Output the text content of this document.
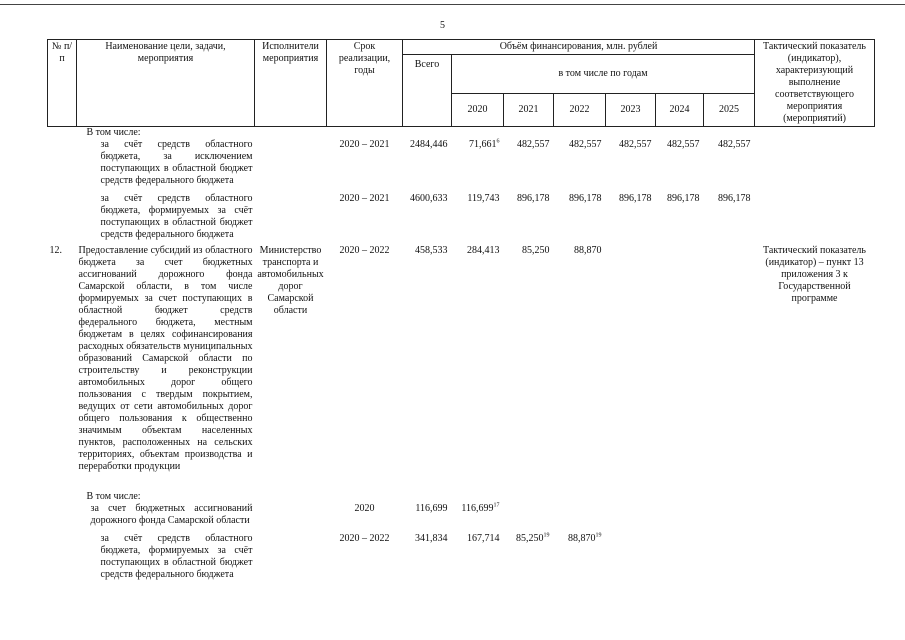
5
№ п/п	Наименование цели, задачи, мероприятия	Исполнители мероприятия	Срок реализации, годы	Объём финансирования, млн. рублей							Тактический показатель (индикатор), характеризующий выполнение соответствующего мероприятия (мероприятий)
				Всего	в том числе по годам						
					2020	2021	2022	2023	2024	2025	
	В том числе:										
	за счёт средств областного бюджета, за исключением поступающих в областной бюджет средств федерального бюджета		2020 – 2021	2484,446	71,661$^6$	482,557	482,557	482,557	482,557	482,557	
	за счёт средств областного бюджета, формируемых за счёт поступающих в областной бюджет средств федерального бюджета		2020 – 2021	4600,633	119,743	896,178	896,178	896,178	896,178	896,178	
12.	Предоставление субсидий из областного бюджета за счет бюджетных ассигнований дорожного фонда Самарской области, в том числе формируемых за счет поступающих в областной бюджет средств федерального бюджета, местным бюджетам в целях софинансирования расходных обязательств муниципальных образований Самарской области по строительству и реконструкции автомобильных дорог общего пользования с твердым покрытием, ведущих от сети автомобильных дорог общего пользования к общественно значимым объектам населенных пунктов, расположенных на сельских территориях, объектам производства и переработки продукции	Министерство транспорта и автомобильных дорог Самарской области	2020 – 2022	458,533	284,413	85,250	88,870				Тактический показатель (индикатор) – пункт 13 приложения 3 к Государственной программе
	В том числе:										
	за счет бюджетных ассигнований дорожного фонда Самарской области		2020	116,699	116,699$^{17}$						
	за счёт средств областного бюджета, формируемых за счёт поступающих в областной бюджет средств федерального бюджета		2020 – 2022	341,834	167,714	85,250$^{19}$	88,870$^{19}$				
